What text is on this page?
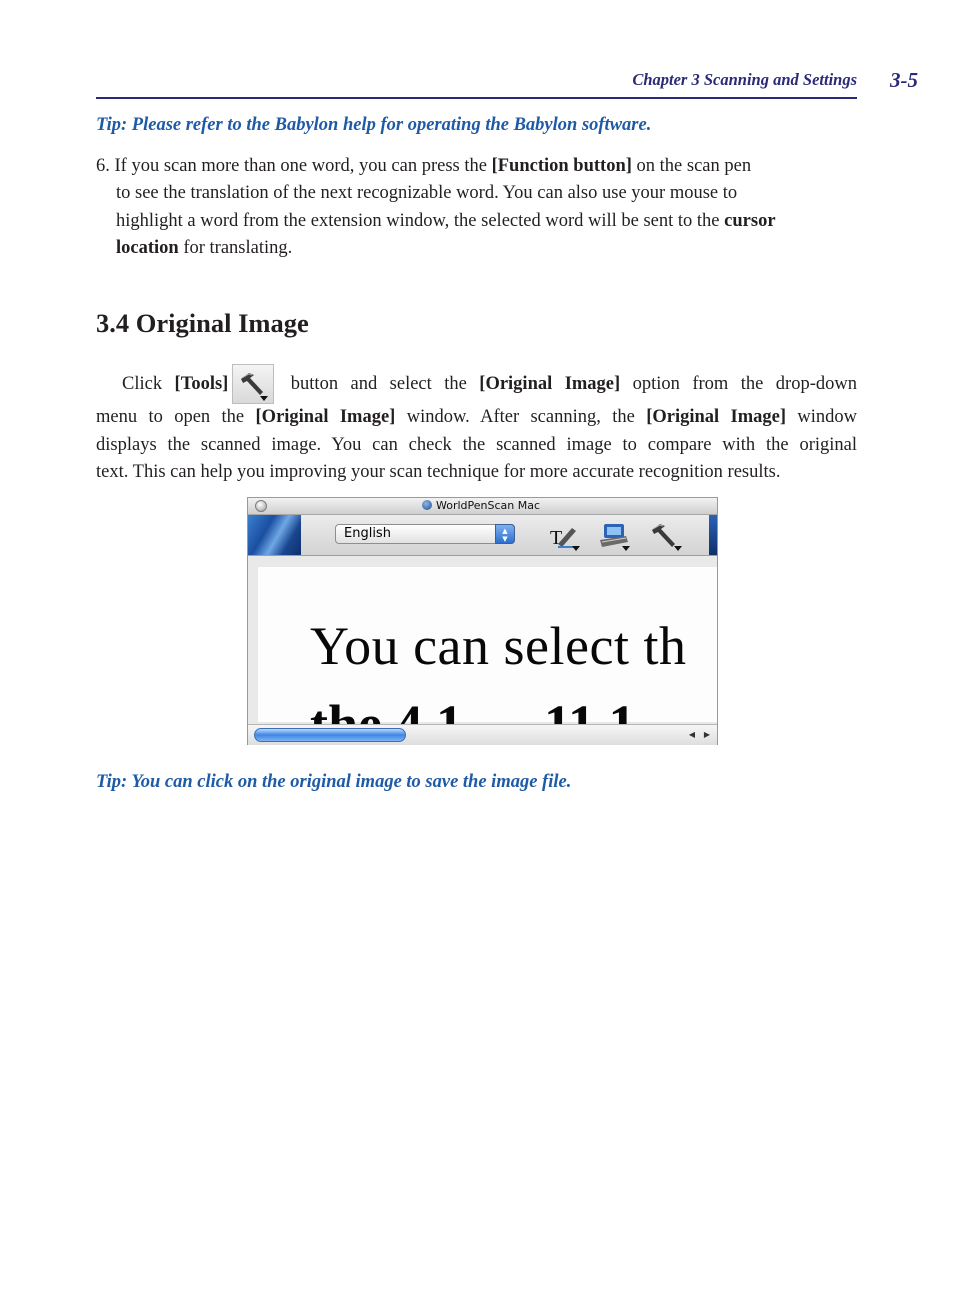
Chapter 3 Scanning and Settings 3-5
Tip: Please refer to the Babylon help for operating the Babylon software.
6. If you scan more than one word, you can press the [Function button] on the scan pen
to see the translation of the next recognizable word. You can also use your mouse to
highlight a word from the extension window, the selected word will be sent to the cursor
location for translating.
3.4 Original Image
Click [Tools]	button and select the [Original Image] option from the drop-down
menu to open the [Original Image] window. After scanning, the [Original Image] window
displays the scanned image. You can check the scanned image to compare with the original
text. This can help you improving your scan technique for more accurate recognition results.
WorldPenScan Mac
English	▲
▼	T
You can select th
◀	▶
Tip: You can click on the original image to save the image file.
